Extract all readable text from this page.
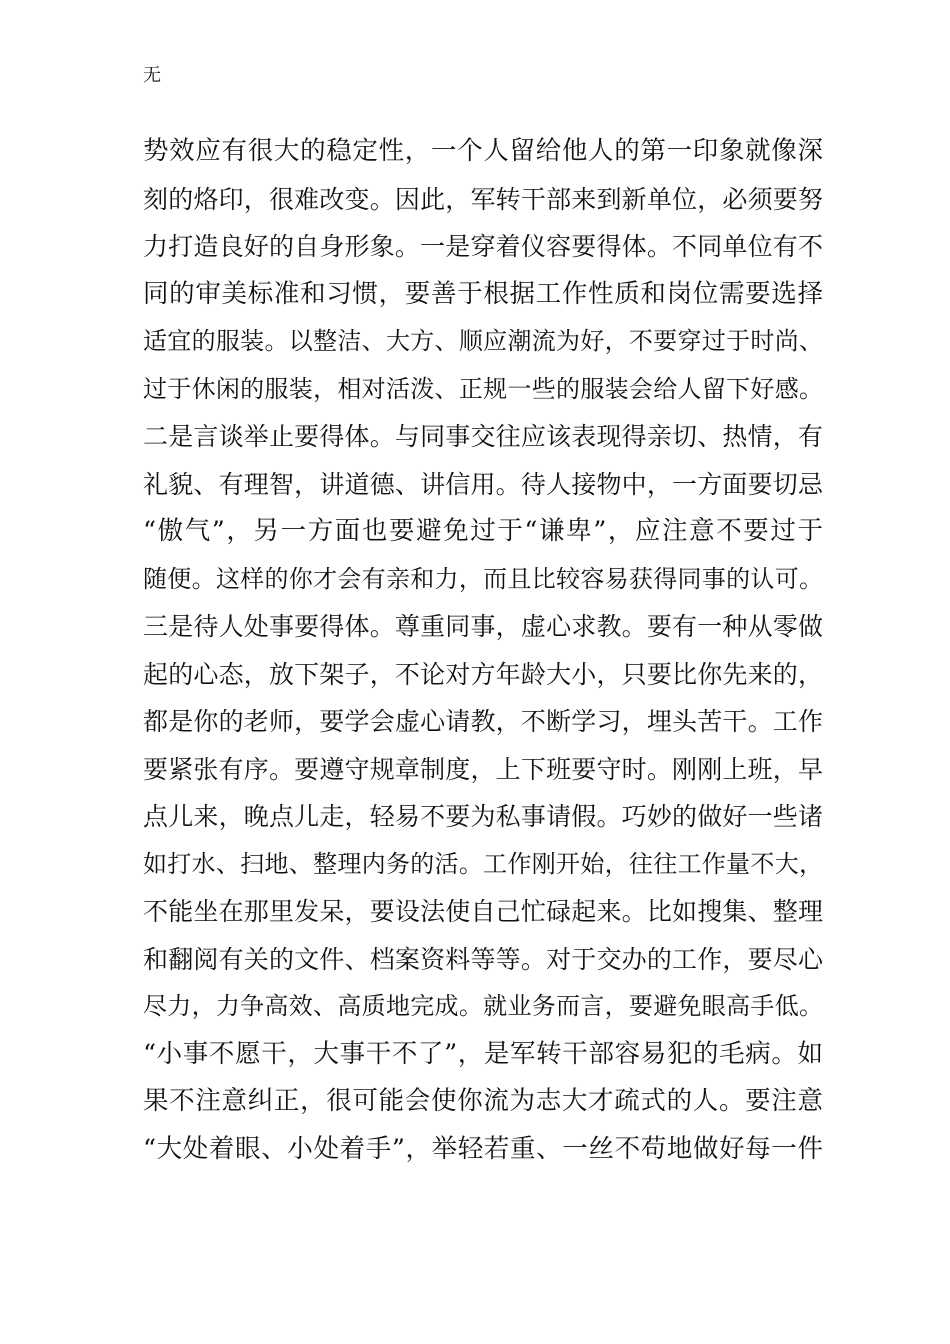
无
势效应有很大的稳定性，一个人留给他人的第一印象就像深
刻的烙印，很难改变。因此，军转干部来到新单位，必须要努
力打造良好的自身形象。一是穿着仪容要得体。不同单位有不
同的审美标准和习惯，要善于根据工作性质和岗位需要选择
适宜的服装。以整洁、大方、顺应潮流为好，不要穿过于时尚、
过于休闲的服装，相对活泼、正规一些的服装会给人留下好感。
二是言谈举止要得体。与同事交往应该表现得亲切、热情，有
礼貌、有理智，讲道德、讲信用。待人接物中，一方面要切忌
“傲气”，另一方面也要避免过于“谦卑”，应注意不要过于
随便。这样的你才会有亲和力，而且比较容易获得同事的认可。
三是待人处事要得体。尊重同事，虚心求教。要有一种从零做
起的心态，放下架子，不论对方年龄大小，只要比你先来的，
都是你的老师，要学会虚心请教，不断学习，埋头苦干。工作
要紧张有序。要遵守规章制度，上下班要守时。刚刚上班，早
点儿来，晚点儿走，轻易不要为私事请假。巧妙的做好一些诸
如打水、扫地、整理内务的活。工作刚开始，往往工作量不大，
不能坐在那里发呆，要设法使自己忙碌起来。比如搜集、整理
和翻阅有关的文件、档案资料等等。对于交办的工作，要尽心
尽力，力争高效、高质地完成。就业务而言，要避免眼高手低。
“小事不愿干，大事干不了”，是军转干部容易犯的毛病。如
果不注意纠正，很可能会使你流为志大才疏式的人。要注意
“大处着眼、小处着手”，举轻若重、一丝不苟地做好每一件
